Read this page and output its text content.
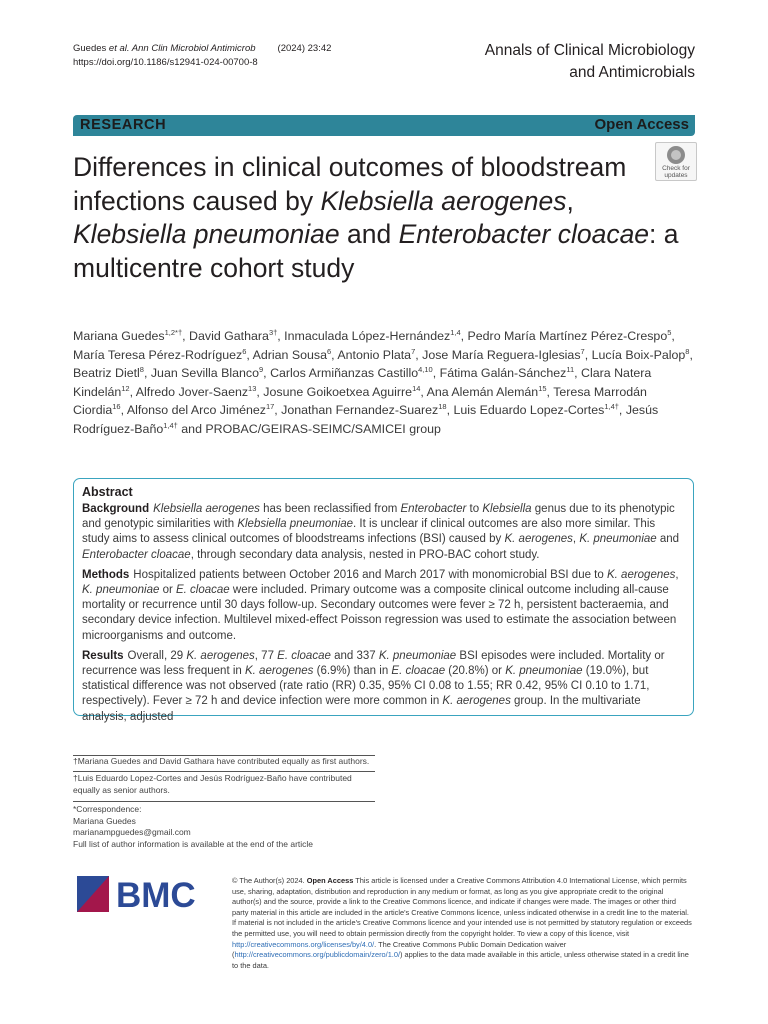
Guedes et al. Ann Clin Microbiol Antimicrob (2024) 23:42
https://doi.org/10.1186/s12941-024-00700-8
Annals of Clinical Microbiology
and Antimicrobials
RESEARCH	Open Access
Check for
updates
Differences in clinical outcomes of bloodstream infections caused by Klebsiella aerogenes, Klebsiella pneumoniae and Enterobacter cloacae: a multicentre cohort study
Mariana Guedes$^{1,2*\dagger}$, David Gathara$^{3\dagger}$, Inmaculada López-Hernández$^{1,4}$, Pedro María Martínez Pérez-Crespo$^5$, María Teresa Pérez-Rodríguez$^6$, Adrian Sousa$^6$, Antonio Plata$^7$, Jose María Reguera-Iglesias$^7$, Lucía Boix-Palop$^8$, Beatriz Dietl$^8$, Juan Sevilla Blanco$^9$, Carlos Armiñanzas Castillo$^{4,10}$, Fátima Galán-Sánchez$^{11}$, Clara Natera Kindelán$^{12}$, Alfredo Jover-Saenz$^{13}$, Josune Goikoetxea Aguirre$^{14}$, Ana Alemán Alemán$^{15}$, Teresa Marrodán Ciordia$^{16}$, Alfonso del Arco Jiménez$^{17}$, Jonathan Fernandez-Suarez$^{18}$, Luis Eduardo Lopez-Cortes$^{1,4\dagger}$, Jesús Rodríguez-Baño$^{1,4\dagger}$ and PROBAC/GEIRAS-SEIMC/SAMICEI group
Abstract

Background Klebsiella aerogenes has been reclassified from Enterobacter to Klebsiella genus due to its phenotypic and genotypic similarities with Klebsiella pneumoniae. It is unclear if clinical outcomes are also more similar. This study aims to assess clinical outcomes of bloodstreams infections (BSI) caused by K. aerogenes, K. pneumoniae and Enterobacter cloacae, through secondary data analysis, nested in PRO-BAC cohort study.

Methods Hospitalized patients between October 2016 and March 2017 with monomicrobial BSI due to K. aerogenes, K. pneumoniae or E. cloacae were included. Primary outcome was a composite clinical outcome including all-cause mortality or recurrence until 30 days follow-up. Secondary outcomes were fever ≥ 72 h, persistent bacteraemia, and secondary device infection. Multilevel mixed-effect Poisson regression was used to estimate the association between microorganisms and outcome.

Results Overall, 29 K. aerogenes, 77 E. cloacae and 337 K. pneumoniae BSI episodes were included. Mortality or recurrence was less frequent in K. aerogenes (6.9%) than in E. cloacae (20.8%) or K. pneumoniae (19.0%), but statistical difference was not observed (rate ratio (RR) 0.35, 95% CI 0.08 to 1.55; RR 0.42, 95% CI 0.10 to 1.71, respectively). Fever ≥ 72 h and device infection were more common in K. aerogenes group. In the multivariate analysis, adjusted

†Mariana Guedes and David Gathara have contributed equally as first authors.
†Luis Eduardo Lopez-Cortes and Jesús Rodríguez-Baño have contributed equally as senior authors.
*Correspondence:
Mariana Guedes
marianampguedes@gmail.com
Full list of author information is available at the end of the article
BMC	© The Author(s) 2024. Open Access This article is licensed under a Creative Commons Attribution 4.0 International License, which permits use, sharing, adaptation, distribution and reproduction in any medium or format, as long as you give appropriate credit to the original author(s) and the source, provide a link to the Creative Commons licence, and indicate if changes were made. The images or other third party material in this article are included in the article's Creative Commons licence, unless indicated otherwise in a credit line to the material. If material is not included in the article's Creative Commons licence and your intended use is not permitted by statutory regulation or exceeds the permitted use, you will need to obtain permission directly from the copyright holder. To view a copy of this licence, visit http://creativecommons.org/licenses/by/4.0/. The Creative Commons Public Domain Dedication waiver (http://creativecommons.org/publicdomain/zero/1.0/) applies to the data made available in this article, unless otherwise stated in a credit line to the data.
